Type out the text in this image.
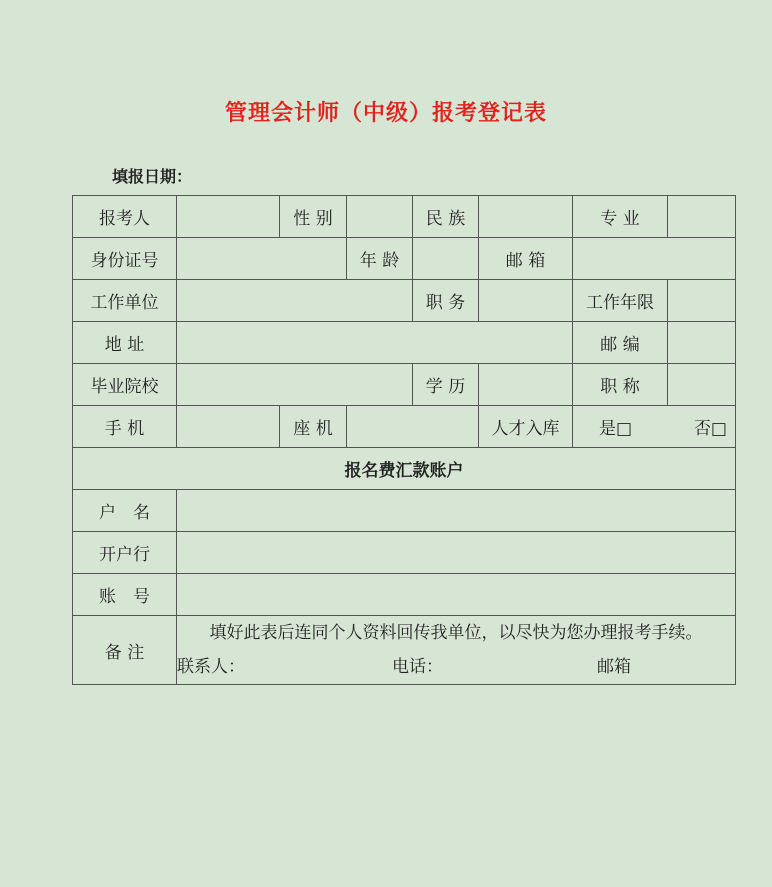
管理会计师（中级）报考登记表
填报日期：
报考人		性 别		民 族		专 业	
身份证号			年 龄		邮 箱		
工作单位				职 务		工作年限	
地 址						邮 编	
毕业院校				学 历		职 称	
手 机		座 机			人才入库	是□ 否□	

报名费汇款账户							
户　名							
开户行							
账　号							
备 注	填好此表后连同个人资料回传我单位，以尽快为您办理报考手续。
联系人： 电话： 邮箱						
